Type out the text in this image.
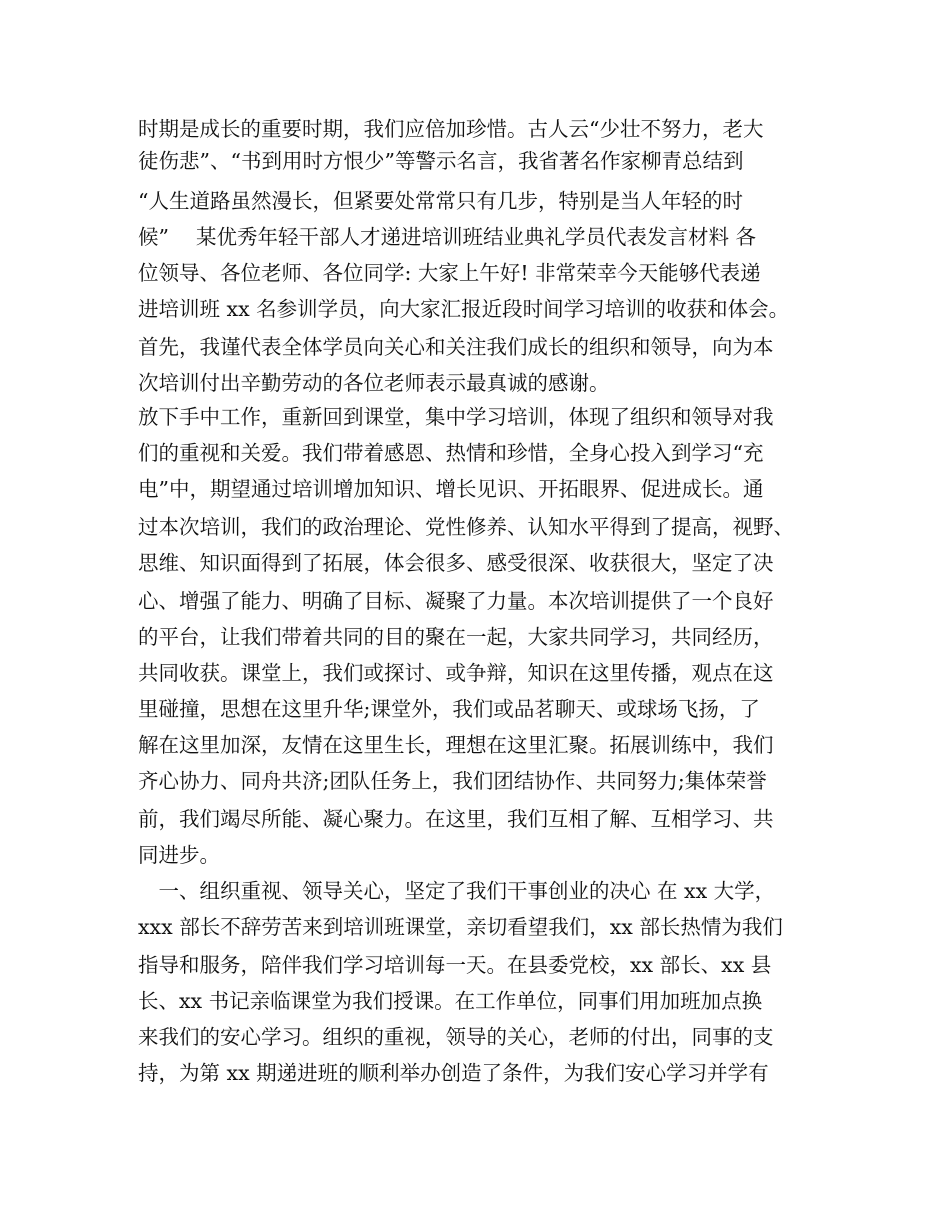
时期是成长的重要时期，我们应倍加珍惜。古人云“少壮不努力，老大
徒伤悲”、“书到用时方恨少”等警示名言，我省著名作家柳青总结到
“人生道路虽然漫长，但紧要处常常只有几步，特别是当人年轻的时
候”　 某优秀年轻干部人才递进培训班结业典礼学员代表发言材料 各
位领导、各位老师、各位同学: 大家上午好! 非常荣幸今天能够代表递
进培训班 xx 名参训学员，向大家汇报近段时间学习培训的收获和体会。
首先，我谨代表全体学员向关心和关注我们成长的组织和领导，向为本
次培训付出辛勤劳动的各位老师表示最真诚的感谢。
放下手中工作，重新回到课堂，集中学习培训，体现了组织和领导对我
们的重视和关爱。我们带着感恩、热情和珍惜，全身心投入到学习“充
电”中，期望通过培训增加知识、增长见识、开拓眼界、促进成长。通
过本次培训，我们的政治理论、党性修养、认知水平得到了提高，视野、
思维、知识面得到了拓展，体会很多、感受很深、收获很大，坚定了决
心、增强了能力、明确了目标、凝聚了力量。本次培训提供了一个良好
的平台，让我们带着共同的目的聚在一起，大家共同学习，共同经历，
共同收获。课堂上，我们或探讨、或争辩，知识在这里传播，观点在这
里碰撞，思想在这里升华;课堂外，我们或品茗聊天、或球场飞扬，了
解在这里加深，友情在这里生长，理想在这里汇聚。拓展训练中，我们
齐心协力、同舟共济;团队任务上，我们团结协作、共同努力;集体荣誉
前，我们竭尽所能、凝心聚力。在这里，我们互相了解、互相学习、共
同进步。
　一、组织重视、领导关心，坚定了我们干事创业的决心 在 xx 大学，
xxx 部长不辞劳苦来到培训班课堂，亲切看望我们，xx 部长热情为我们
指导和服务，陪伴我们学习培训每一天。在县委党校，xx 部长、xx 县
长、xx 书记亲临课堂为我们授课。在工作单位，同事们用加班加点换
来我们的安心学习。组织的重视，领导的关心，老师的付出，同事的支
持，为第 xx 期递进班的顺利举办创造了条件，为我们安心学习并学有
